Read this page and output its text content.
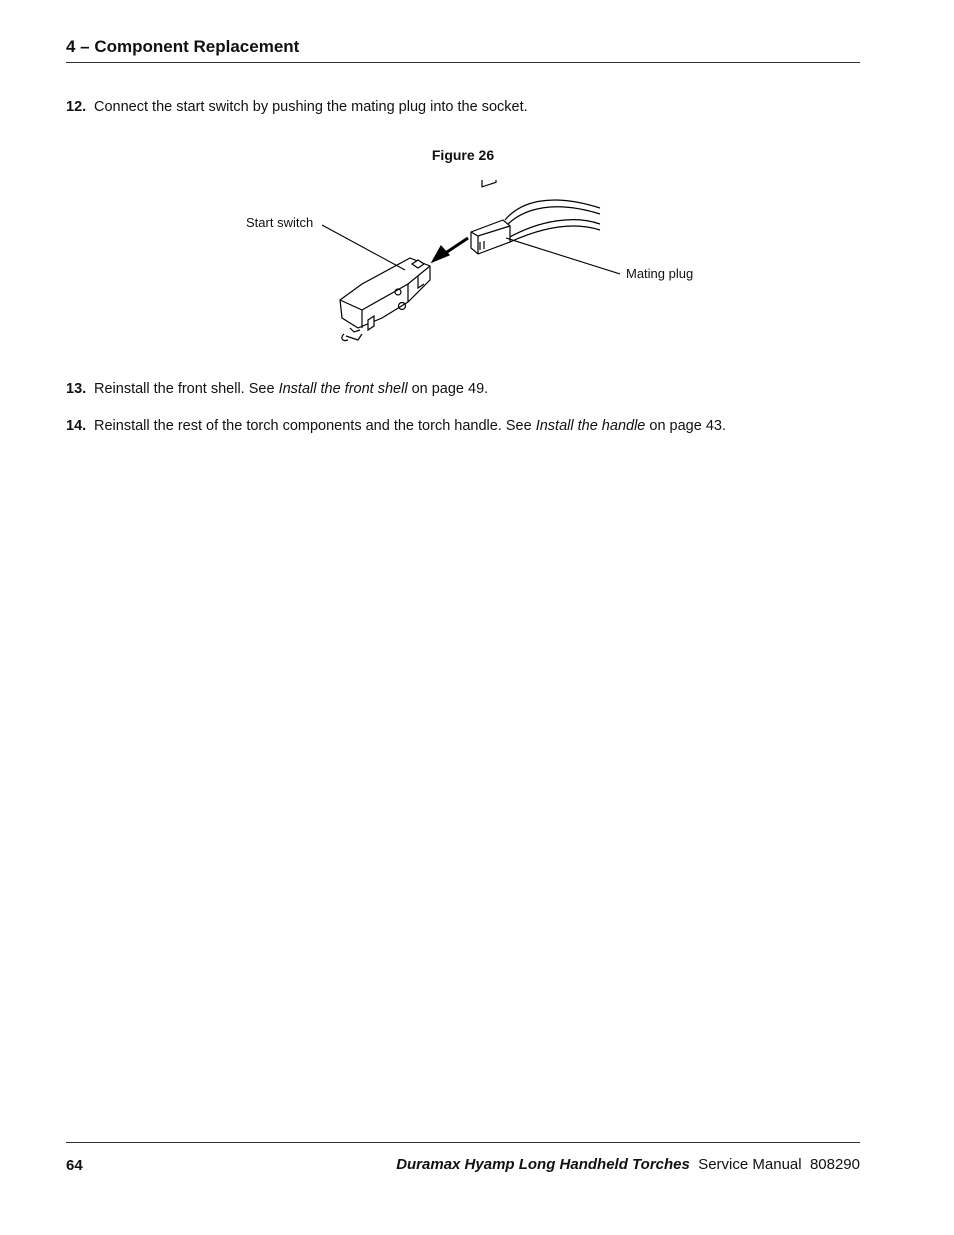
4 – Component Replacement
12. Connect the start switch by pushing the mating plug into the socket.
Figure 26
Start switch
Mating plug
13. Reinstall the front shell. See Install the front shell on page 49.
14. Reinstall the rest of the torch components and the torch handle. See Install the handle on page 43.
64	Duramax Hyamp Long Handheld Torches Service Manual 808290
